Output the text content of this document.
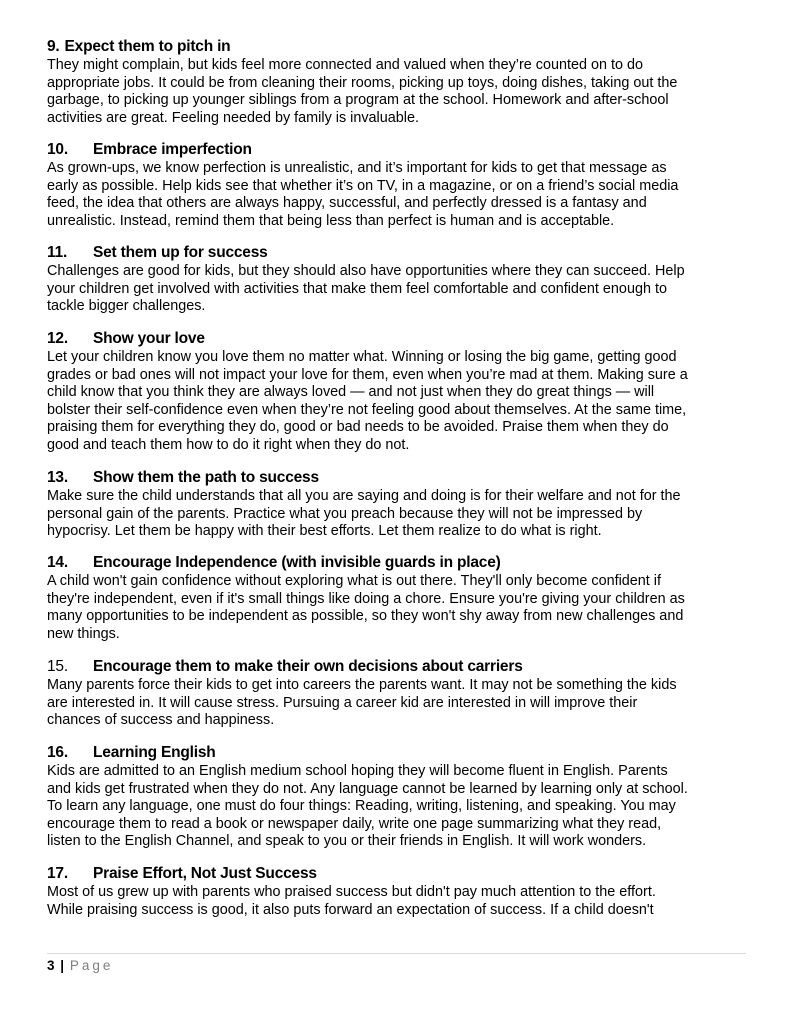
9. Expect them to pitch in
They might complain, but kids feel more connected and valued when they’re counted on to do
appropriate jobs. It could be from cleaning their rooms, picking up toys, doing dishes, taking out the
garbage, to picking up younger siblings from a program at the school. Homework and after-school
activities are great. Feeling needed by family is invaluable.
10. Embrace imperfection
As grown-ups, we know perfection is unrealistic, and it’s important for kids to get that message as
early as possible. Help kids see that whether it’s on TV, in a magazine, or on a friend’s social media
feed, the idea that others are always happy, successful, and perfectly dressed is a fantasy and
unrealistic. Instead, remind them that being less than perfect is human and is acceptable.
11. Set them up for success
Challenges are good for kids, but they should also have opportunities where they can succeed. Help
your children get involved with activities that make them feel comfortable and confident enough to
tackle bigger challenges.
12. Show your love
Let your children know you love them no matter what. Winning or losing the big game, getting good
grades or bad ones will not impact your love for them, even when you’re mad at them. Making sure a
child know that you think they are always loved — and not just when they do great things — will
bolster their self-confidence even when they’re not feeling good about themselves. At the same time,
praising them for everything they do, good or bad needs to be avoided. Praise them when they do
good and teach them how to do it right when they do not.
13. Show them the path to success
Make sure the child understands that all you are saying and doing is for their welfare and not for the
personal gain of the parents. Practice what you preach because they will not be impressed by
hypocrisy. Let them be happy with their best efforts. Let them realize to do what is right.
14. Encourage Independence (with invisible guards in place)
A child won't gain confidence without exploring what is out there. They'll only become confident if
they're independent, even if it's small things like doing a chore. Ensure you're giving your children as
many opportunities to be independent as possible, so they won't shy away from new challenges and
new things.
15. Encourage them to make their own decisions about carriers
Many parents force their kids to get into careers the parents want. It may not be something the kids
are interested in. It will cause stress. Pursuing a career kid are interested in will improve their
chances of success and happiness.
16. Learning English
Kids are admitted to an English medium school hoping they will become fluent in English. Parents
and kids get frustrated when they do not. Any language cannot be learned by learning only at school.
To learn any language, one must do four things: Reading, writing, listening, and speaking. You may
encourage them to read a book or newspaper daily, write one page summarizing what they read,
listen to the English Channel, and speak to you or their friends in English. It will work wonders.
17. Praise Effort, Not Just Success
Most of us grew up with parents who praised success but didn't pay much attention to the effort.
While praising success is good, it also puts forward an expectation of success. If a child doesn't
3 | Page
